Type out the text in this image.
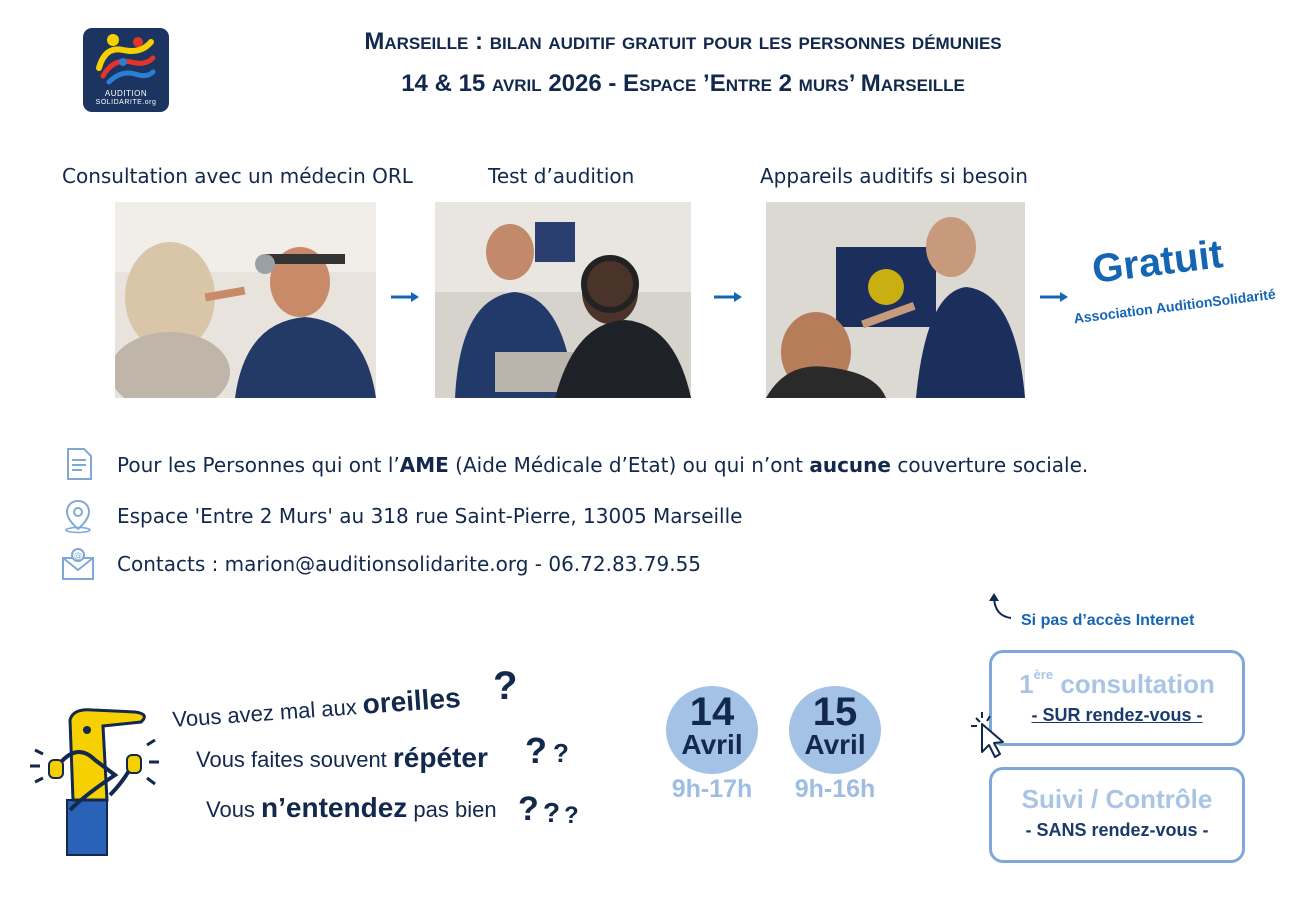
AUDITION
SOLIDARITE.org
Marseille : bilan auditif gratuit pour les personnes démunies
14 & 15 avril 2026 - Espace ’Entre 2 murs’ Marseille
Consultation avec un médecin ORL	Test d’audition	Appareils auditifs si besoin
Gratuit
Association AuditionSolidarité
Pour les Personnes qui ont l’AME (Aide Médicale d’Etat) ou qui n’ont aucune couverture sociale.
Espace 'Entre 2 Murs' au 318 rue Saint-Pierre, 13005 Marseille
@ Contacts : marion@auditionsolidarite.org - 06.72.83.79.55
Si pas d’accès Internet
1ère consultation
- SUR rendez-vous -
Suivi / Contrôle
- SANS rendez-vous -
14
Avril
9h-17h
15
Avril
9h-16h
Vous avez mal aux oreilles ?
Vous faites souvent répéter ? ?
Vous n’entendez pas bien ? ? ?
